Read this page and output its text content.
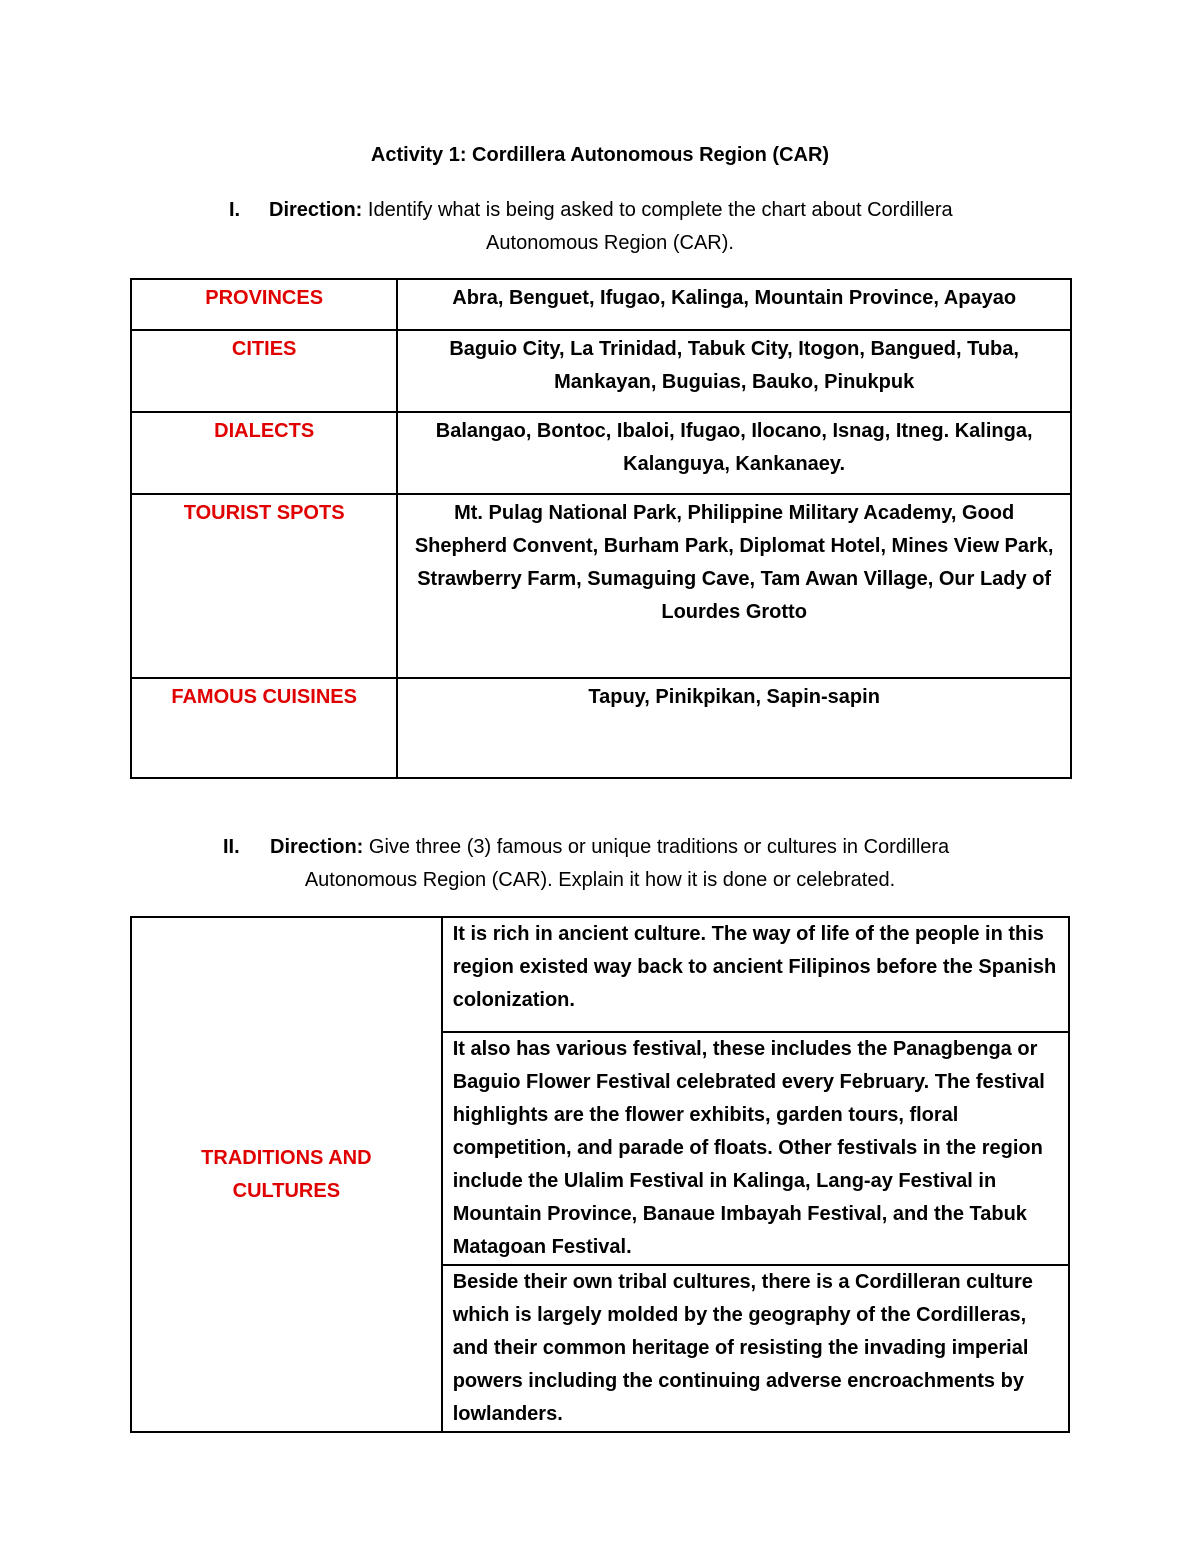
Activity 1: Cordillera Autonomous Region (CAR)
I. Direction: Identify what is being asked to complete the chart about Cordillera
Autonomous Region (CAR).
PROVINCES	Abra, Benguet, Ifugao, Kalinga, Mountain Province, Apayao
CITIES	Baguio City, La Trinidad, Tabuk City, Itogon, Bangued, Tuba, Mankayan, Buguias, Bauko, Pinukpuk
DIALECTS	Balangao, Bontoc, Ibaloi, Ifugao, Ilocano, Isnag, Itneg. Kalinga, Kalanguya, Kankanaey.
TOURIST SPOTS	Mt. Pulag National Park, Philippine Military Academy, Good Shepherd Convent, Burham Park, Diplomat Hotel, Mines View Park, Strawberry Farm, Sumaguing Cave, Tam Awan Village, Our Lady of Lourdes Grotto
FAMOUS CUISINES	Tapuy, Pinikpikan, Sapin-sapin
II. Direction: Give three (3) famous or unique traditions or cultures in Cordillera
Autonomous Region (CAR). Explain it how it is done or celebrated.
TRADITIONS AND
CULTURES
	It is rich in ancient culture. The way of life of the people in this region existed way back to ancient Filipinos before the Spanish colonization.
It also has various festival, these includes the Panagbenga or Baguio Flower Festival celebrated every February. The festival highlights are the flower exhibits, garden tours, floral competition, and parade of floats. Other festivals in the region include the Ulalim Festival in Kalinga, Lang-ay Festival in Mountain Province, Banaue Imbayah Festival, and the Tabuk Matagoan Festival.
Beside their own tribal cultures, there is a Cordilleran culture which is largely molded by the geography of the Cordilleras, and their common heritage of resisting the invading imperial powers including the continuing adverse encroachments by lowlanders.
